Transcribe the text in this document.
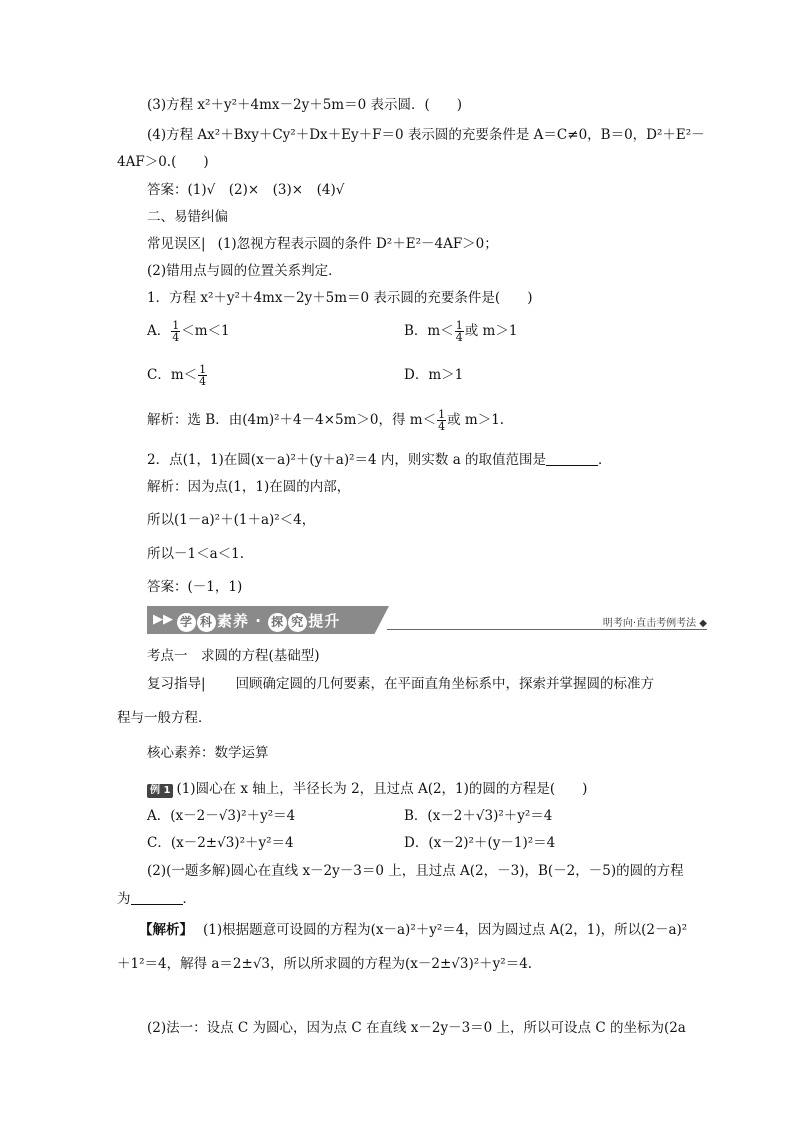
(3)方程 x²＋y²＋4mx－2y＋5m＝0 表示圆．(　　)
(4)方程 Ax²＋Bxy＋Cy²＋Dx＋Ey＋F＝0 表示圆的充要条件是 A＝C≠0，B＝0，D²＋E²－
4AF＞0.(　　)
答案：(1)√　(2)×　(3)×　(4)√
二、易错纠偏
常见误区| (1)忽视方程表示圆的条件 D²＋E²－4AF＞0；
(2)错用点与圆的位置关系判定．
1．方程 x²＋y²＋4mx－2y＋5m＝0 表示圆的充要条件是(　　)
A． $\frac{1}{4} <m<1$	B．$m< \frac{1}{4}$ 或 m＞1
C．$m< \frac{1}{4}$	D．m＞1
解析：选 B．由(4m)²＋4－4×5m＞0，得 $m< \frac{1}{4}$ 或 m＞1.
2．点(1，1)在圆(x－a)²＋(y＋a)²＝4 内，则实数 a 的取值范围是	．
解析：因为点(1，1)在圆的内部，
所以(1－a)²＋(1＋a)²＜4，
所以－1＜a＜1.
答案：(－1，1)
▶▶ 学 科 素养 · 探 究 提升	明考向·直击考例考法 ◆
考点一　求圆的方程(基础型)
复习指导| 回顾确定圆的几何要素，在平面直角坐标系中，探索并掌握圆的标准方
程与一般方程．
核心素养：数学运算
例 1 (1)圆心在 x 轴上，半径长为 2，且过点 A(2，1)的圆的方程是(　　)
A．(x－2－√3)²＋y²＝4	B．(x－2＋√3)²＋y²＝4
C．(x－2±√3)²＋y²＝4	D．(x－2)²＋(y－1)²＝4
(2)(一题多解)圆心在直线 x－2y－3＝0 上，且过点 A(2，－3)，B(－2，－5)的圆的方程
为	．
【解析】 (1)根据题意可设圆的方程为(x－a)²＋y²＝4，因为圆过点 A(2，1)，所以(2－a)²
＋1²＝4，解得 a＝2±√3，所以所求圆的方程为(x－2±√3)²＋y²＝4.
(2)法一：设点 C 为圆心，因为点 C 在直线 x－2y－3＝0 上，所以可设点 C 的坐标为(2a
